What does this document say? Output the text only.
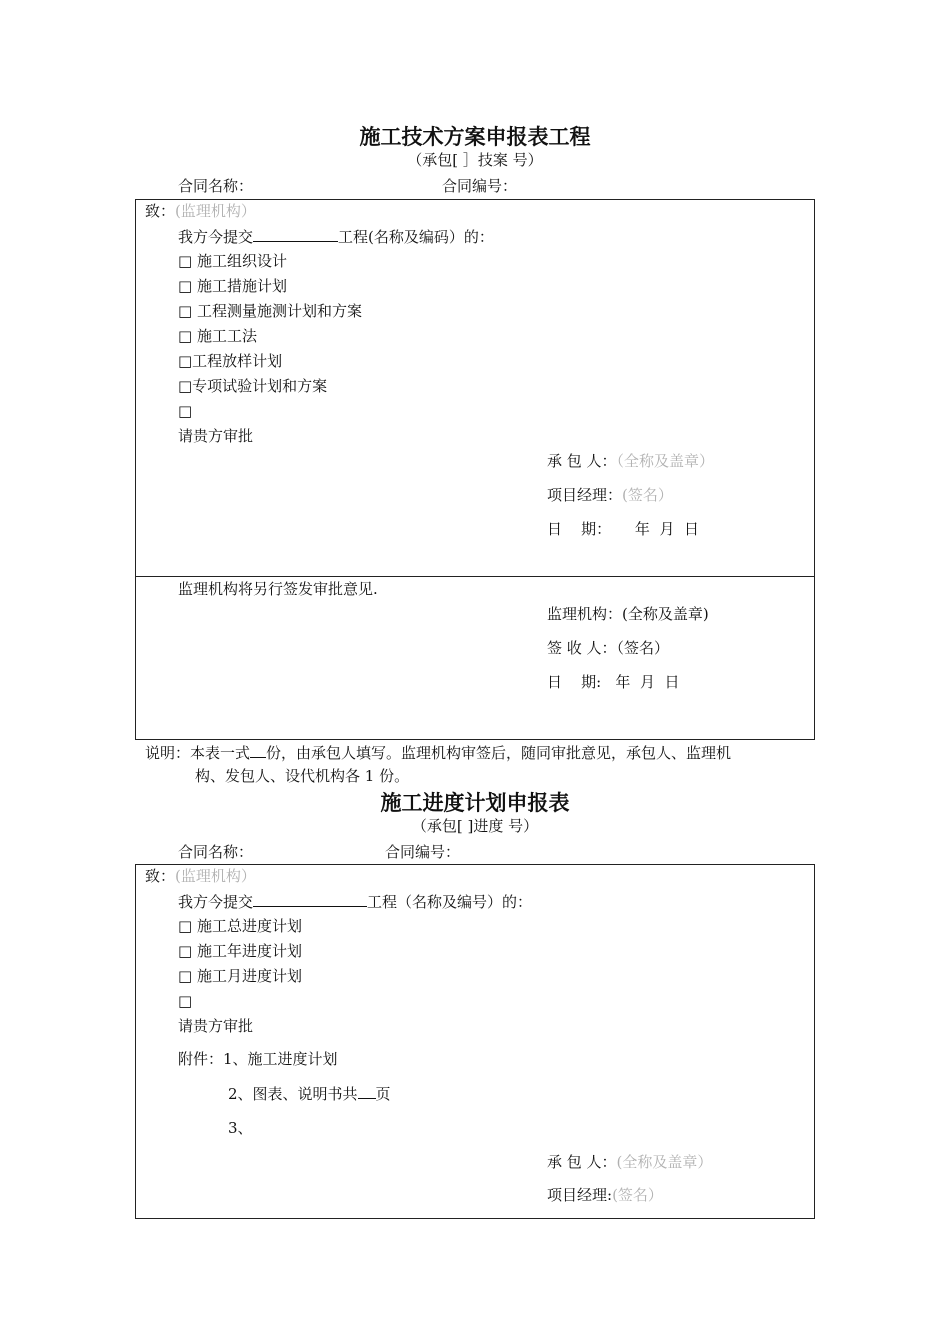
施工技术方案申报表工程
（承包[ ］技案 号）
合同名称：	合同编号：
致：(监理机构）
我方今提交	工程(名称及编码）的：
□ 施工组织设计
□ 施工措施计划
□ 工程测量施测计划和方案
□ 施工工法
□工程放样计划
□专项试验计划和方案
□
请贵方审批
承 包 人：（全称及盖章）
项目经理：(签名）
日    期：     年  月  日
监理机构将另行签发审批意见.
监理机构：(全称及盖章)
签 收 人：（签名）
日    期:   年  月  日
说明：本表一式 份，由承包人填写。监理机构审签后，随同审批意见，承包人、监理机
构、发包人、设代机构各 1 份。
施工进度计划申报表
（承包[ ]进度 号）
合同名称：	合同编号：
致：(监理机构）
我方今提交	工程（名称及编号）的：
□ 施工总进度计划
□ 施工年进度计划
□ 施工月进度计划
□
请贵方审批
附件：1、施工进度计划
2、图表、说明书共 页
3、
承 包 人：(全称及盖章）
项目经理:(签名）
